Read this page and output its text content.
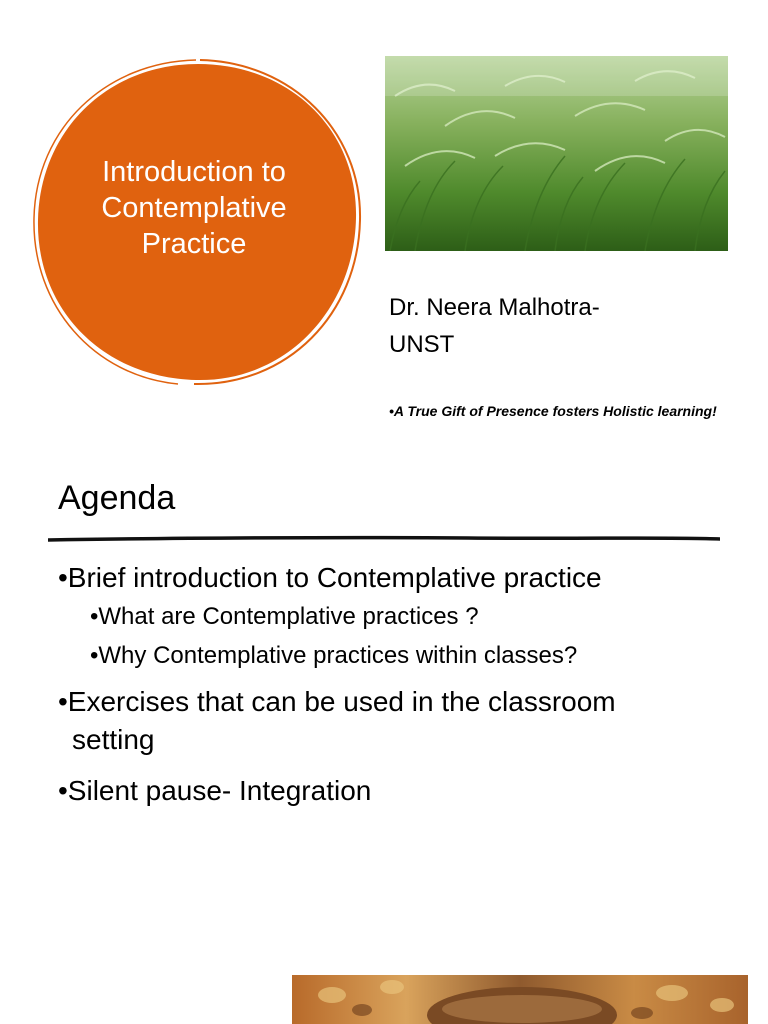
Introduction to
Contemplative
Practice
Dr. Neera Malhotra-
UNST
•A True Gift of Presence fosters Holistic learning!
Agenda
•Brief introduction to Contemplative practice
•What are Contemplative practices ?
•Why Contemplative practices within classes?
•Exercises that can be used in the classroom
setting
•Silent pause- Integration
